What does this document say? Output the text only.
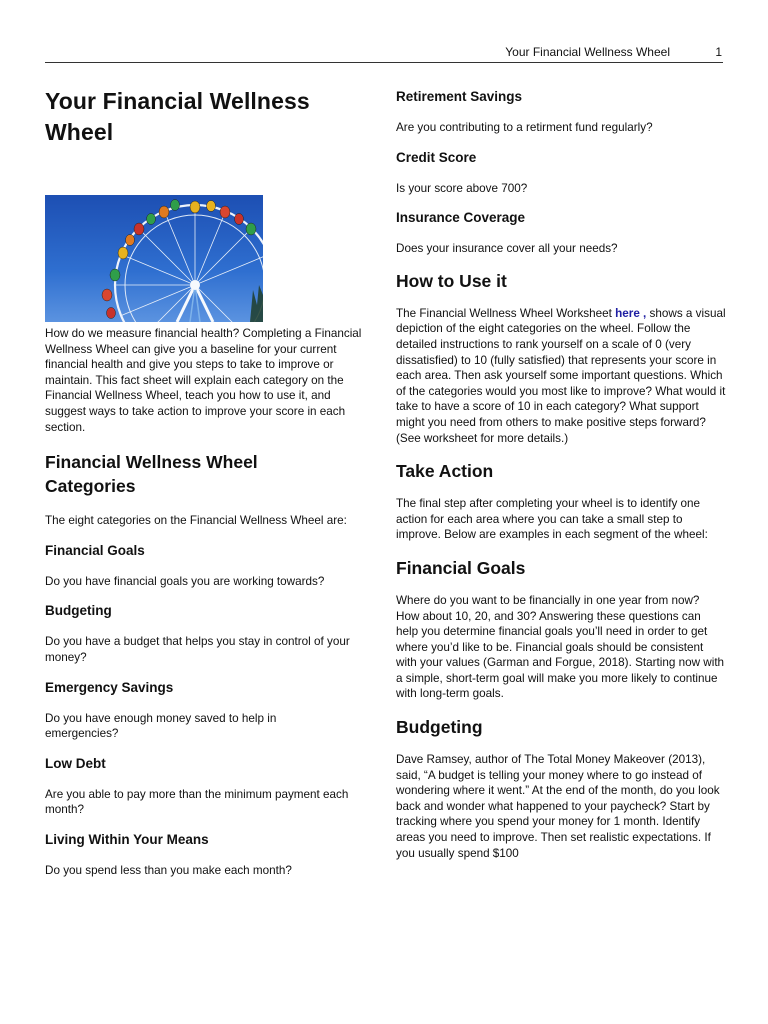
Your Financial Wellness Wheel	1
Your Financial Wellness Wheel

How do we measure financial health? Completing a Financial Wellness Wheel can give you a baseline for your current financial health and give you steps to take to improve or maintain. This fact sheet will explain each category on the Financial Wellness Wheel, teach you how to use it, and suggest ways to take action to improve your score in each section.

Financial Wellness Wheel Categories

The eight categories on the Financial Wellness Wheel are:

Financial Goals

Do you have financial goals you are working towards?

Budgeting

Do you have a budget that helps you stay in control of your money?

Emergency Savings

Do you have enough money saved to help in emergencies?

Low Debt

Are you able to pay more than the minimum payment each month?

Living Within Your Means

Do you spend less than you make each month?

Retirement Savings

Are you contributing to a retirment fund regularly?

Credit Score

Is your score above 700?

Insurance Coverage

Does your insurance cover all your needs?

How to Use it

The Financial Wellness Wheel Worksheet here , shows a visual depiction of the eight categories on the wheel. Follow the detailed instructions to rank yourself on a scale of 0 (very dissatisfied) to 10 (fully satisfied) that represents your score in each area. Then ask yourself some important questions. Which of the categories would you most like to improve? What would it take to have a score of 10 in each category? What support might you need from others to make positive steps forward? (See worksheet for more details.)

Take Action

The final step after completing your wheel is to identify one action for each area where you can take a small step to improve. Below are examples in each segment of the wheel:

Financial Goals

Where do you want to be financially in one year from now? How about 10, 20, and 30? Answering these questions can help you determine financial goals you’ll need in order to get where you’d like to be. Financial goals should be consistent with your values (Garman and Forgue, 2018). Starting now with a simple, short-term goal will make you more likely to continue with long-term goals.

Budgeting

Dave Ramsey, author of The Total Money Makeover (2013), said, “A budget is telling your money where to go instead of wondering where it went.” At the end of the month, do you look back and wonder what happened to your paycheck? Start by tracking where you spend your money for 1 month. Identify areas you need to improve. Then set realistic expectations. If you usually spend $100
